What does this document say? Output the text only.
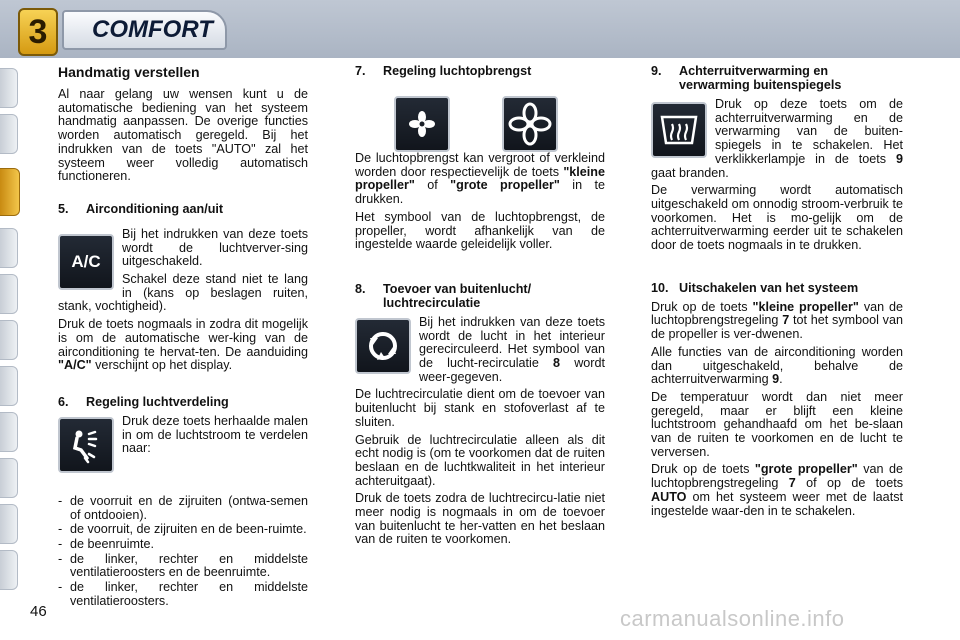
3	COMFORT
Handmatig verstellen

Al naar gelang uw wensen kunt u de automatische bediening van het systeem handmatig aanpassen. De overige functies worden automatisch geregeld. Bij het indrukken van de toets "AUTO" zal het systeem weer volledig automatisch functioneren.

5. Airconditioning aan/uit
A/C

Bij het indrukken van deze toets wordt de luchtverver-sing uitgeschakeld.

Schakel deze stand niet te lang in (kans op beslagen ruiten, stank, vochtigheid).

Druk de toets nogmaals in zodra dit mogelijk is om de automatische wer-king van de airconditioning te hervat-ten. De aanduiding "A/C" verschijnt op het display.

6. Regeling luchtverdeling

Druk deze toets herhaalde malen in om de luchtstroom te verdelen naar:

- de voorruit en de zijruiten (ontwa-semen of ontdooien).
- de voorruit, de zijruiten en de been-ruimte.
- de beenruimte.
- de linker, rechter en middelste ventilatieroosters en de beenruimte.
- de linker, rechter en middelste ventilatieroosters.
7. Regeling luchtopbrengst

De luchtopbrengst kan vergroot of verkleind worden door respectievelijk de toets "kleine propeller" of "grote propeller" in te drukken.

Het symbool van de luchtopbrengst, de propeller, wordt afhankelijk van de ingestelde waarde geleidelijk voller.

8. Toevoer van buitenlucht/
luchtrecirculatie

Bij het indrukken van deze toets wordt de lucht in het interieur gerecirculeerd. Het symbool van de lucht-recirculatie 8 wordt weer-gegeven.

De luchtrecirculatie dient om de toevoer van buitenlucht bij stank en stofoverlast af te sluiten.

Gebruik de luchtrecirculatie alleen als dit echt nodig is (om te voorkomen dat de ruiten beslaan en de luchtkwaliteit in het interieur achteruitgaat).

Druk de toets zodra de luchtrecircu-latie niet meer nodig is nogmaals in om de toevoer van buitenlucht te her-vatten en het beslaan van de ruiten te voorkomen.

9. Achterruitverwarming en
verwarming buitenspiegels

Druk op deze toets om de achterruitverwarming en de verwarming van de buiten-spiegels in te schakelen. Het verklikkerlampje in de toets 9 gaat branden.

De verwarming wordt automatisch uitgeschakeld om onnodig stroom-verbruik te voorkomen. Het is mo-gelijk om de achterruitverwarming eerder uit te schakelen door de toets nogmaals in te drukken.

10. Uitschakelen van het systeem

Druk op de toets "kleine propeller" van de luchtopbrengstregeling 7 tot het symbool van de propeller is ver-dwenen.

Alle functies van de airconditioning worden dan uitgeschakeld, behalve de achterruitverwarming 9.

De temperatuur wordt dan niet meer geregeld, maar er blijft een kleine luchtstroom gehandhaafd om het be-slaan van de ruiten te voorkomen en de lucht te verversen.

Druk op de toets "grote propeller" van de luchtopbrengstregeling 7 of op de toets AUTO om het systeem weer met de laatst ingestelde waar-den in te schakelen.

46	carmanualsonline.info
